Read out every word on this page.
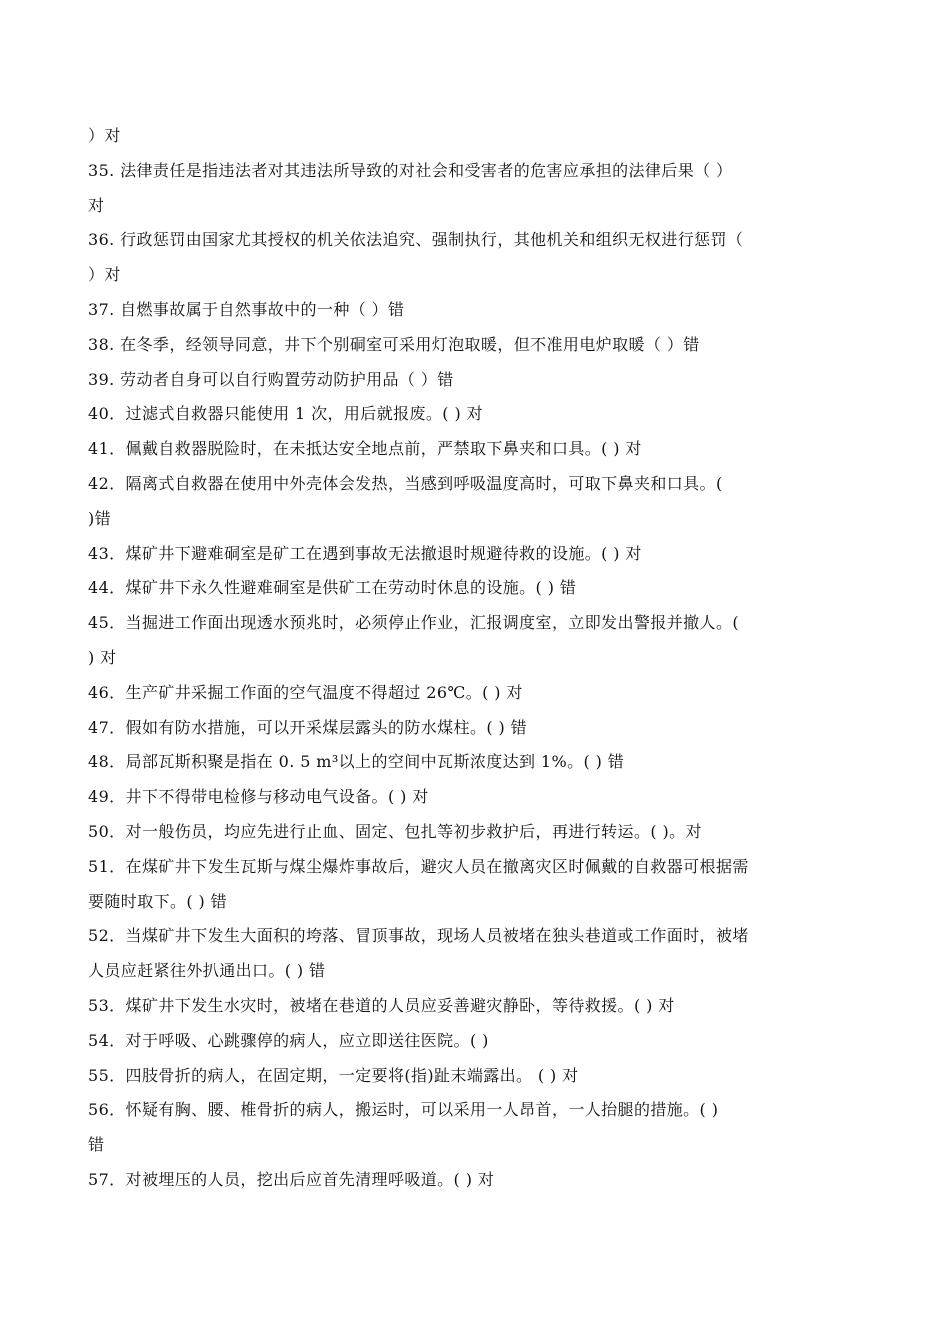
）对
35. 法律责任是指违法者对其违法所导致的对社会和受害者的危害应承担的法律后果（ ）
对
36. 行政惩罚由国家尤其授权的机关依法追究、强制执行，其他机关和组织无权进行惩罚（
）对
37. 自燃事故属于自然事故中的一种（ ）错
38. 在冬季，经领导同意，井下个别硐室可采用灯泡取暖，但不准用电炉取暖（ ）错
39. 劳动者自身可以自行购置劳动防护用品（ ）错
40．过滤式自救器只能使用 1 次，用后就报废。( ) 对
41．佩戴自救器脱险时，在未抵达安全地点前，严禁取下鼻夹和口具。( ) 对
42．隔离式自救器在使用中外壳体会发热，当感到呼吸温度高时，可取下鼻夹和口具。(
)错
43．煤矿井下避难硐室是矿工在遇到事故无法撤退时规避待救的设施。( ) 对
44．煤矿井下永久性避难硐室是供矿工在劳动时休息的设施。( ) 错
45．当掘进工作面出现透水预兆时，必须停止作业，汇报调度室，立即发出警报并撤人。(
) 对
46．生产矿井采掘工作面的空气温度不得超过 26℃。( ) 对
47．假如有防水措施，可以开采煤层露头的防水煤柱。( ) 错
48．局部瓦斯积聚是指在 0. 5 m³以上的空间中瓦斯浓度达到 1%。( ) 错
49．井下不得带电检修与移动电气设备。( ) 对
50．对一般伤员，均应先进行止血、固定、包扎等初步救护后，再进行转运。( )。对
51．在煤矿井下发生瓦斯与煤尘爆炸事故后，避灾人员在撤离灾区时佩戴的自救器可根据需
要随时取下。( ) 错
52．当煤矿井下发生大面积的垮落、冒顶事故，现场人员被堵在独头巷道或工作面时，被堵
人员应赶紧往外扒通出口。( ) 错
53．煤矿井下发生水灾时，被堵在巷道的人员应妥善避灾静卧，等待救援。( ) 对
54．对于呼吸、心跳骤停的病人，应立即送往医院。( )
55．四肢骨折的病人，在固定期，一定要将(指)趾末端露出。 ( ) 对
56．怀疑有胸、腰、椎骨折的病人，搬运时，可以采用一人昂首，一人抬腿的措施。( )
错
57．对被埋压的人员，挖出后应首先清理呼吸道。( ) 对
